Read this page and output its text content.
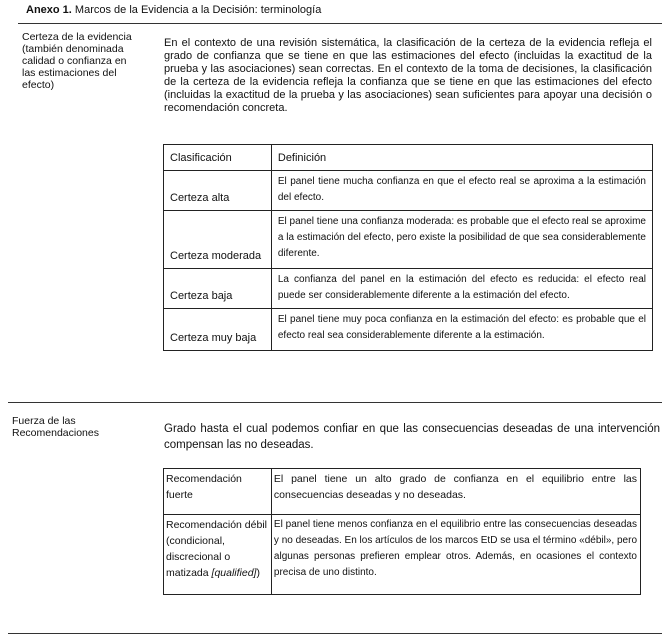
Anexo 1. Marcos de la Evidencia a la Decisión: terminología
Certeza de la evidencia (también denominada calidad o confianza en las estimaciones del efecto)
En el contexto de una revisión sistemática, la clasificación de la certeza de la evidencia refleja el grado de confianza que se tiene en que las estimaciones del efecto (incluidas la exactitud de la prueba y las asociaciones) sean correctas. En el contexto de la toma de decisiones, la clasificación de la certeza de la evidencia refleja la confianza que se tiene en que las estimaciones del efecto (incluidas la exactitud de la prueba y las asociaciones) sean suficientes para apoyar una decisión o recomendación concreta.
Clasificación	Definición
Certeza alta	El panel tiene mucha confianza en que el efecto real se aproxima a la estimación del efecto.
Certeza moderada	El panel tiene una confianza moderada: es probable que el efecto real se aproxime a la estimación del efecto, pero existe la posibilidad de que sea considerablemente diferente.
Certeza baja	La confianza del panel en la estimación del efecto es reducida: el efecto real puede ser considerablemente diferente a la estimación del efecto.
Certeza muy baja	El panel tiene muy poca confianza en la estimación del efecto: es probable que el efecto real sea considerablemente diferente a la estimación.
Fuerza de las Recomendaciones	Grado hasta el cual podemos confiar en que las consecuencias deseadas de una intervención compensan las no deseadas.
Recomendación fuerte	El panel tiene un alto grado de confianza en el equilibrio entre las consecuencias deseadas y no deseadas.
Recomendación débil (condicional, discrecional o matizada [qualified])	El panel tiene menos confianza en el equilibrio entre las consecuencias deseadas y no deseadas. En los artículos de los marcos EtD se usa el término «débil», pero algunas personas prefieren emplear otros. Además, en ocasiones el contexto precisa de uno distinto.
